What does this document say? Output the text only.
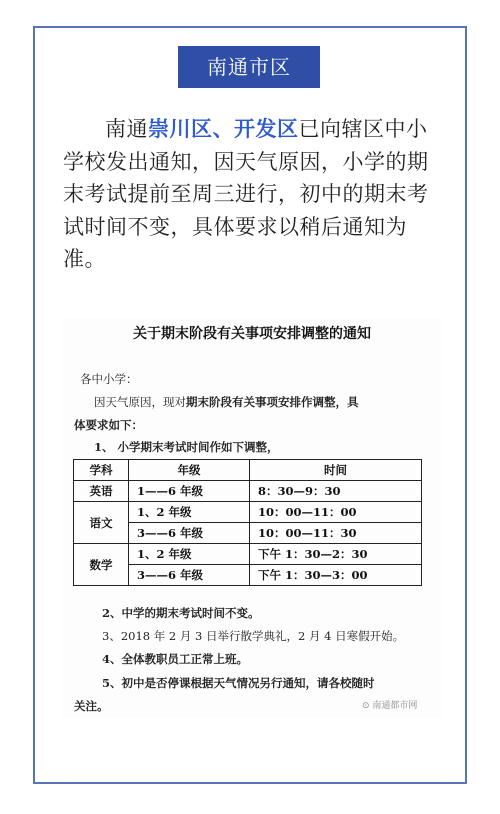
南通市区
南通崇川区、开发区已向辖区中小学校发出通知，因天气原因，小学的期末考试提前至周三进行，初中的期末考试时间不变，具体要求以稍后通知为准。
关于期末阶段有关事项安排调整的通知
各中小学：
因天气原因，现对期末阶段有关事项安排作调整，具
体要求如下：
1、 小学期末考试时间作如下调整，
学科	年级	时间
英语	1——6 年级	8：30—9：30
语文	1、2 年级	10：00—11：00
	3——6 年级	10：00—11：30
数学	1、2 年级	下午 1：30—2：30
	3——6 年级	下午 1：30—3：00
2、中学的期末考试时间不变。
3、2018 年 2 月 3 日举行散学典礼，2 月 4 日寒假开始。
4、全体教职员工正常上班。
5、初中是否停课根据天气情况另行通知，请各校随时
关注。	⊙ 南通都市网
